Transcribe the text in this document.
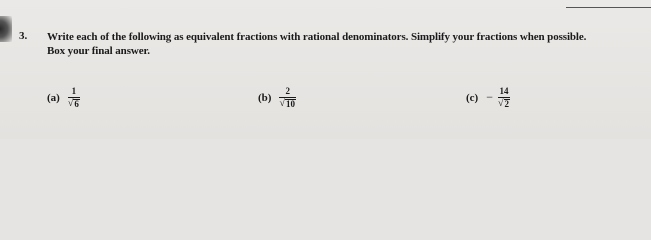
3. Write each of the following as equivalent fractions with rational denominators. Simplify your fractions when possible.
Box your final answer.
$(a) \frac{1}{√ 6}$	$(b) \frac{2}{√ 10}$	$(c) - \frac{14}{√ 2}$
